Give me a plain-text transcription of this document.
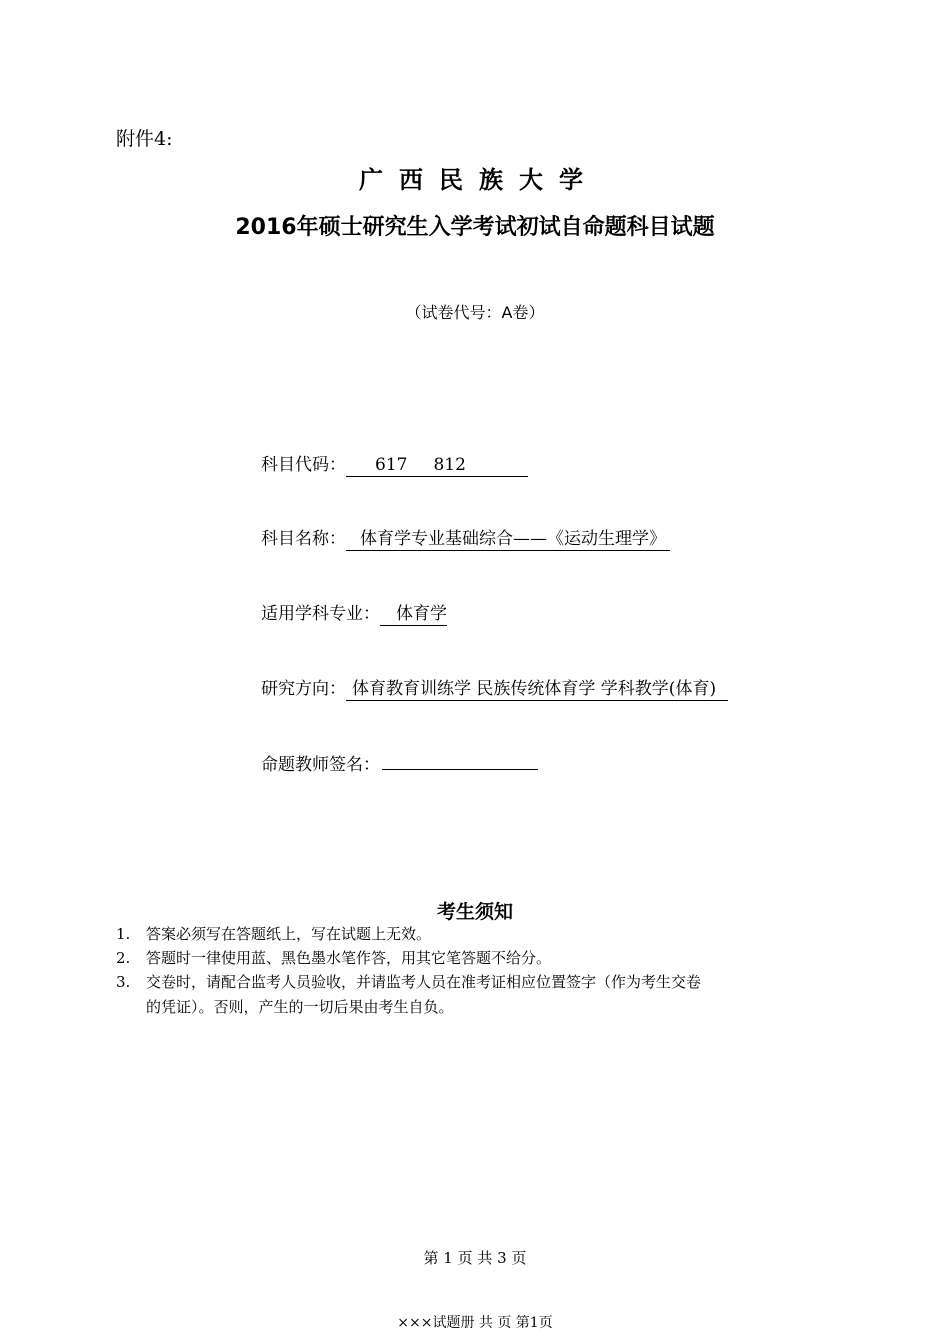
附件4:
广西民族大学
2016年硕士研究生入学考试初试自命题科目试题
（试卷代号：A卷）
科目代码： 617 812
科目名称： 体育学专业基础综合——《运动生理学》
适用学科专业： 体育学
研究方向： 体育教育训练学 民族传统体育学 学科教学(体育)
命题教师签名：
考生须知
1. 答案必须写在答题纸上，写在试题上无效。
2. 答题时一律使用蓝、黑色墨水笔作答，用其它笔答题不给分。
3. 交卷时，请配合监考人员验收，并请监考人员在准考证相应位置签字（作为考生交卷
的凭证）。否则，产生的一切后果由考生自负。
第 1 页 共 3 页
×××试题册 共 页 第1页
